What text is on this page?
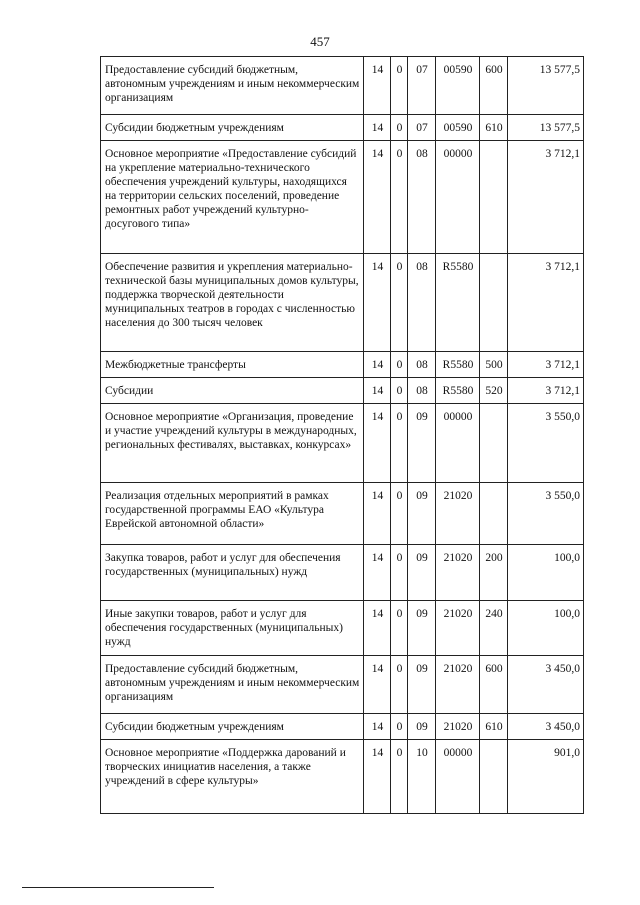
457
Предоставление субсидий бюджетным, автономным учреждениям и иным некоммерческим организациям	14	0	07	00590	600	13 577,5
Субсидии бюджетным учреждениям	14	0	07	00590	610	13 577,5
Основное мероприятие «Предоставление субсидий на укрепление материально-технического обеспечения учреждений культуры, находящихся на территории сельских поселений, проведение ремонтных работ учреждений культурно-досугового типа»	14	0	08	00000		3 712,1
Обеспечение развития и укрепления материально-технической базы муниципальных домов культуры, поддержка творческой деятельности муниципальных театров в городах с численностью населения до 300 тысяч человек	14	0	08	R5580		3 712,1
Межбюджетные трансферты	14	0	08	R5580	500	3 712,1
Субсидии	14	0	08	R5580	520	3 712,1
Основное мероприятие «Организация, проведение и участие учреждений культуры в международных, региональных фестивалях, выставках, конкурсах»	14	0	09	00000		3 550,0
Реализация отдельных мероприятий в рамках государственной программы ЕАО «Культура Еврейской автономной области»	14	0	09	21020		3 550,0
Закупка товаров, работ и услуг для обеспечения государственных (муниципальных) нужд	14	0	09	21020	200	100,0
Иные закупки товаров, работ и услуг для обеспечения государственных (муниципальных) нужд	14	0	09	21020	240	100,0
Предоставление субсидий бюджетным, автономным учреждениям и иным некоммерческим организациям	14	0	09	21020	600	3 450,0
Субсидии бюджетным учреждениям	14	0	09	21020	610	3 450,0
Основное мероприятие «Поддержка дарований и творческих инициатив населения, а также учреждений в сфере культуры»	14	0	10	00000		901,0
